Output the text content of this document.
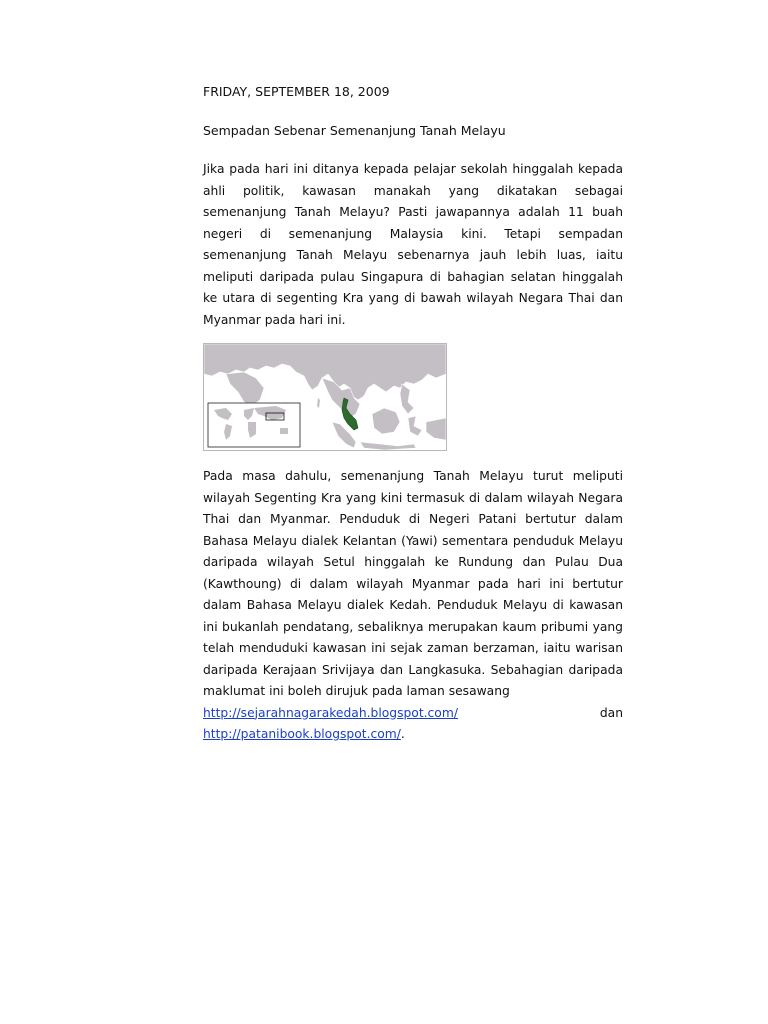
FRIDAY, SEPTEMBER 18, 2009

Sempadan Sebenar Semenanjung Tanah Melayu

Jika pada hari ini ditanya kepada pelajar sekolah hinggalah kepada ahli politik, kawasan manakah yang dikatakan sebagai semenanjung Tanah Melayu? Pasti jawapannya adalah 11 buah negeri di semenanjung Malaysia kini. Tetapi sempadan semenanjung Tanah Melayu sebenarnya jauh lebih luas, iaitu meliputi daripada pulau Singapura di bahagian selatan hinggalah ke utara di segenting Kra yang di bawah wilayah Negara Thai dan Myanmar pada hari ini.

Pada masa dahulu, semenanjung Tanah Melayu turut meliputi wilayah Segenting Kra yang kini termasuk di dalam wilayah Negara Thai dan Myanmar. Penduduk di Negeri Patani bertutur dalam Bahasa Melayu dialek Kelantan (Yawi) sementara penduduk Melayu daripada wilayah Setul hinggalah ke Rundung dan Pulau Dua (Kawthoung) di dalam wilayah Myanmar pada hari ini bertutur dalam Bahasa Melayu dialek Kedah. Penduduk Melayu di kawasan ini bukanlah pendatang, sebaliknya merupakan kaum pribumi yang telah menduduki kawasan ini sejak zaman berzaman, iaitu warisan daripada Kerajaan Srivijaya dan Langkasuka. Sebahagian daripada maklumat ini boleh dirujuk pada laman sesawang
http://sejarahnagarakedah.blogspot.com/	dan
http://patanibook.blogspot.com/.
